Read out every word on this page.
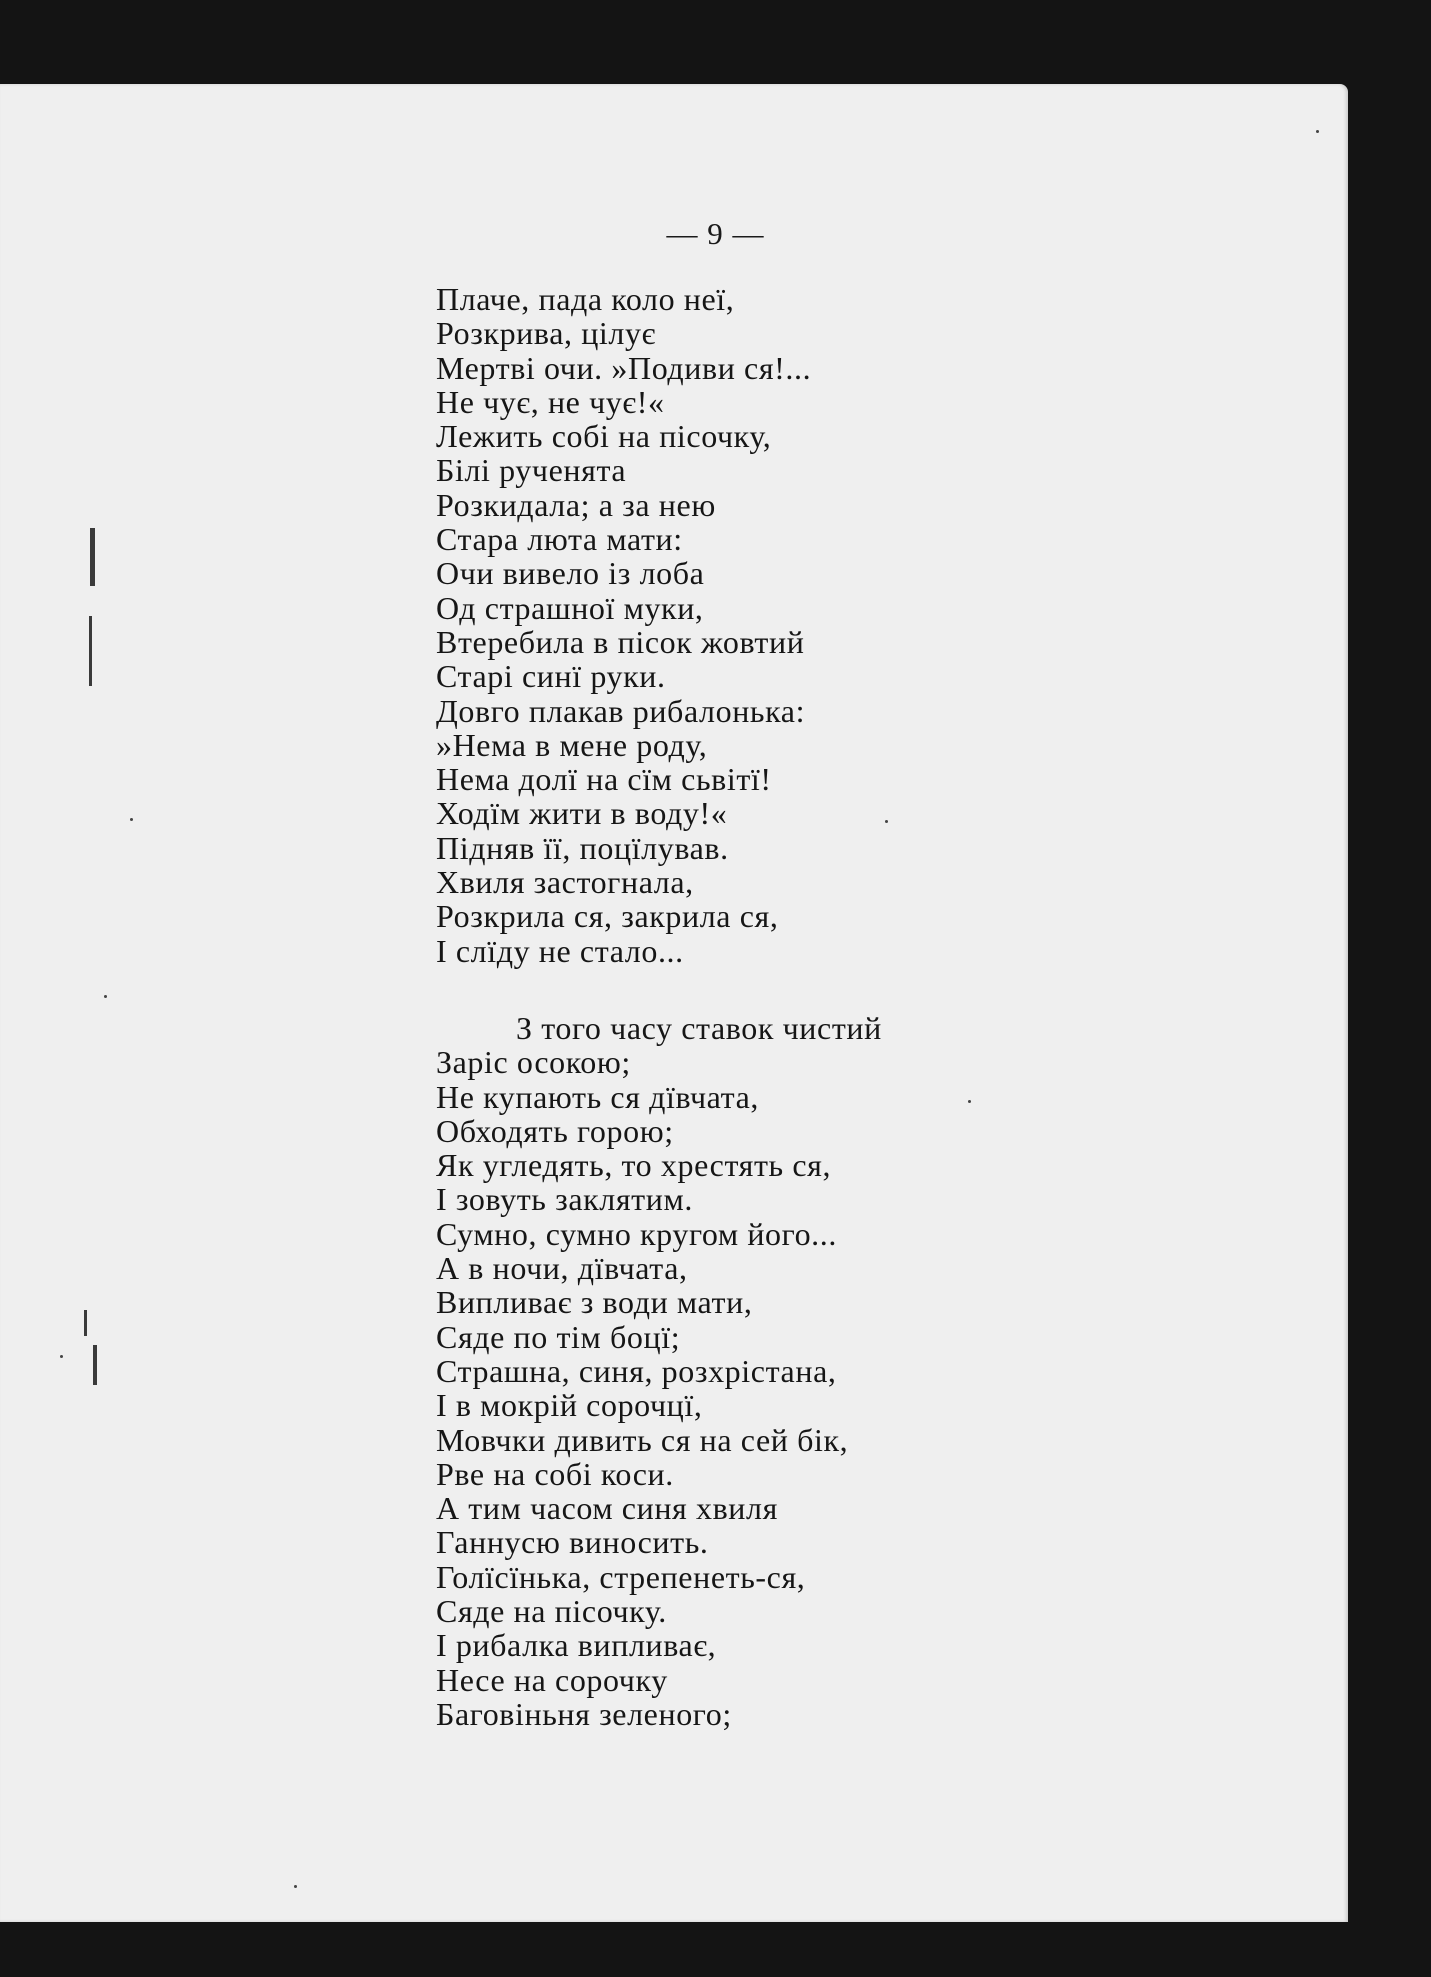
— 9 —
Плаче, пада коло неї,
Розкрива, цілує
Мертві очи. »Подиви ся!...
Не чує, не чує!«
Лежить собі на пісочку,
Білі рученята
Розкидала; а за нею
Стара люта мати:
Очи вивело із лоба
Од страшної муки,
Втеребила в пісок жовтий
Старі синї руки.
Довго плакав рибалонька:
»Нема в мене роду,
Нема долї на сїм сьвітї!
Ходїм жити в воду!«
Підняв її, поцїлував.
Хвиля застогнала,
Розкрила ся, закрила ся,
І слїду не стало...
З того часу ставок чистий
Заріс осокою;
Не купають ся дївчата,
Обходять горою;
Як угледять, то хрестять ся,
І зовуть заклятим.
Сумно, сумно кругом його...
А в ночи, дївчата,
Випливає з води мати,
Сяде по тім боцї;
Страшна, синя, розхрістана,
І в мокрій сорочцї,
Мовчки дивить ся на сей бік,
Рве на собі коси.
А тим часом синя хвиля
Ганнусю виносить.
Голїсїнька, стрепенеть-ся,
Сяде на пісочку.
І рибалка випливає,
Несе на сорочку
Баговіньня зеленого;
